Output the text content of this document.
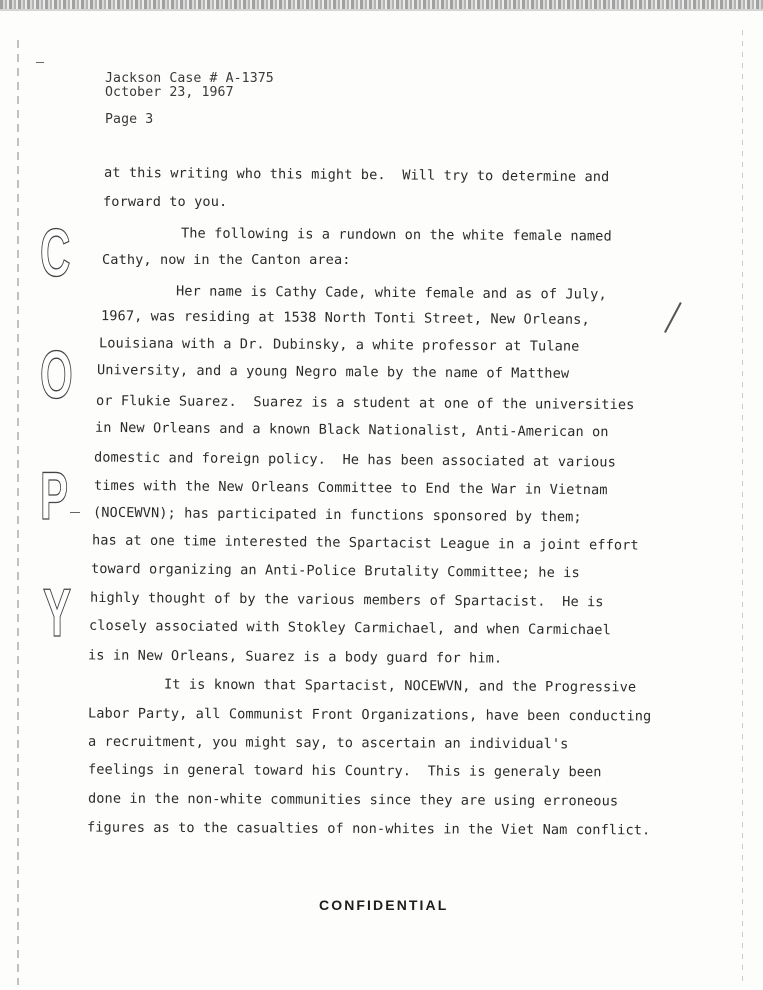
Jackson Case # A-1375
October 23, 1967
Page 3
C
O
P
Y
at this writing who this might be.  Will try to determine and
forward to you.
The following is a rundown on the white female named
Cathy, now in the Canton area:
Her name is Cathy Cade, white female and as of July,
1967, was residing at 1538 North Tonti Street, New Orleans,
Louisiana with a Dr. Dubinsky, a white professor at Tulane
University, and a young Negro male by the name of Matthew
or Flukie Suarez.  Suarez is a student at one of the universities
in New Orleans and a known Black Nationalist, Anti-American on
domestic and foreign policy.  He has been associated at various
times with the New Orleans Committee to End the War in Vietnam
(NOCEWVN); has participated in functions sponsored by them;
has at one time interested the Spartacist League in a joint effort
toward organizing an Anti-Police Brutality Committee; he is
highly thought of by the various members of Spartacist.  He is
closely associated with Stokley Carmichael, and when Carmichael
is in New Orleans, Suarez is a body guard for him.
It is known that Spartacist, NOCEWVN, and the Progressive
Labor Party, all Communist Front Organizations, have been conducting
a recruitment, you might say, to ascertain an individual's
feelings in general toward his Country.  This is generaly been
done in the non-white communities since they are using erroneous
figures as to the casualties of non-whites in the Viet Nam conflict.
CONFIDENTIAL
